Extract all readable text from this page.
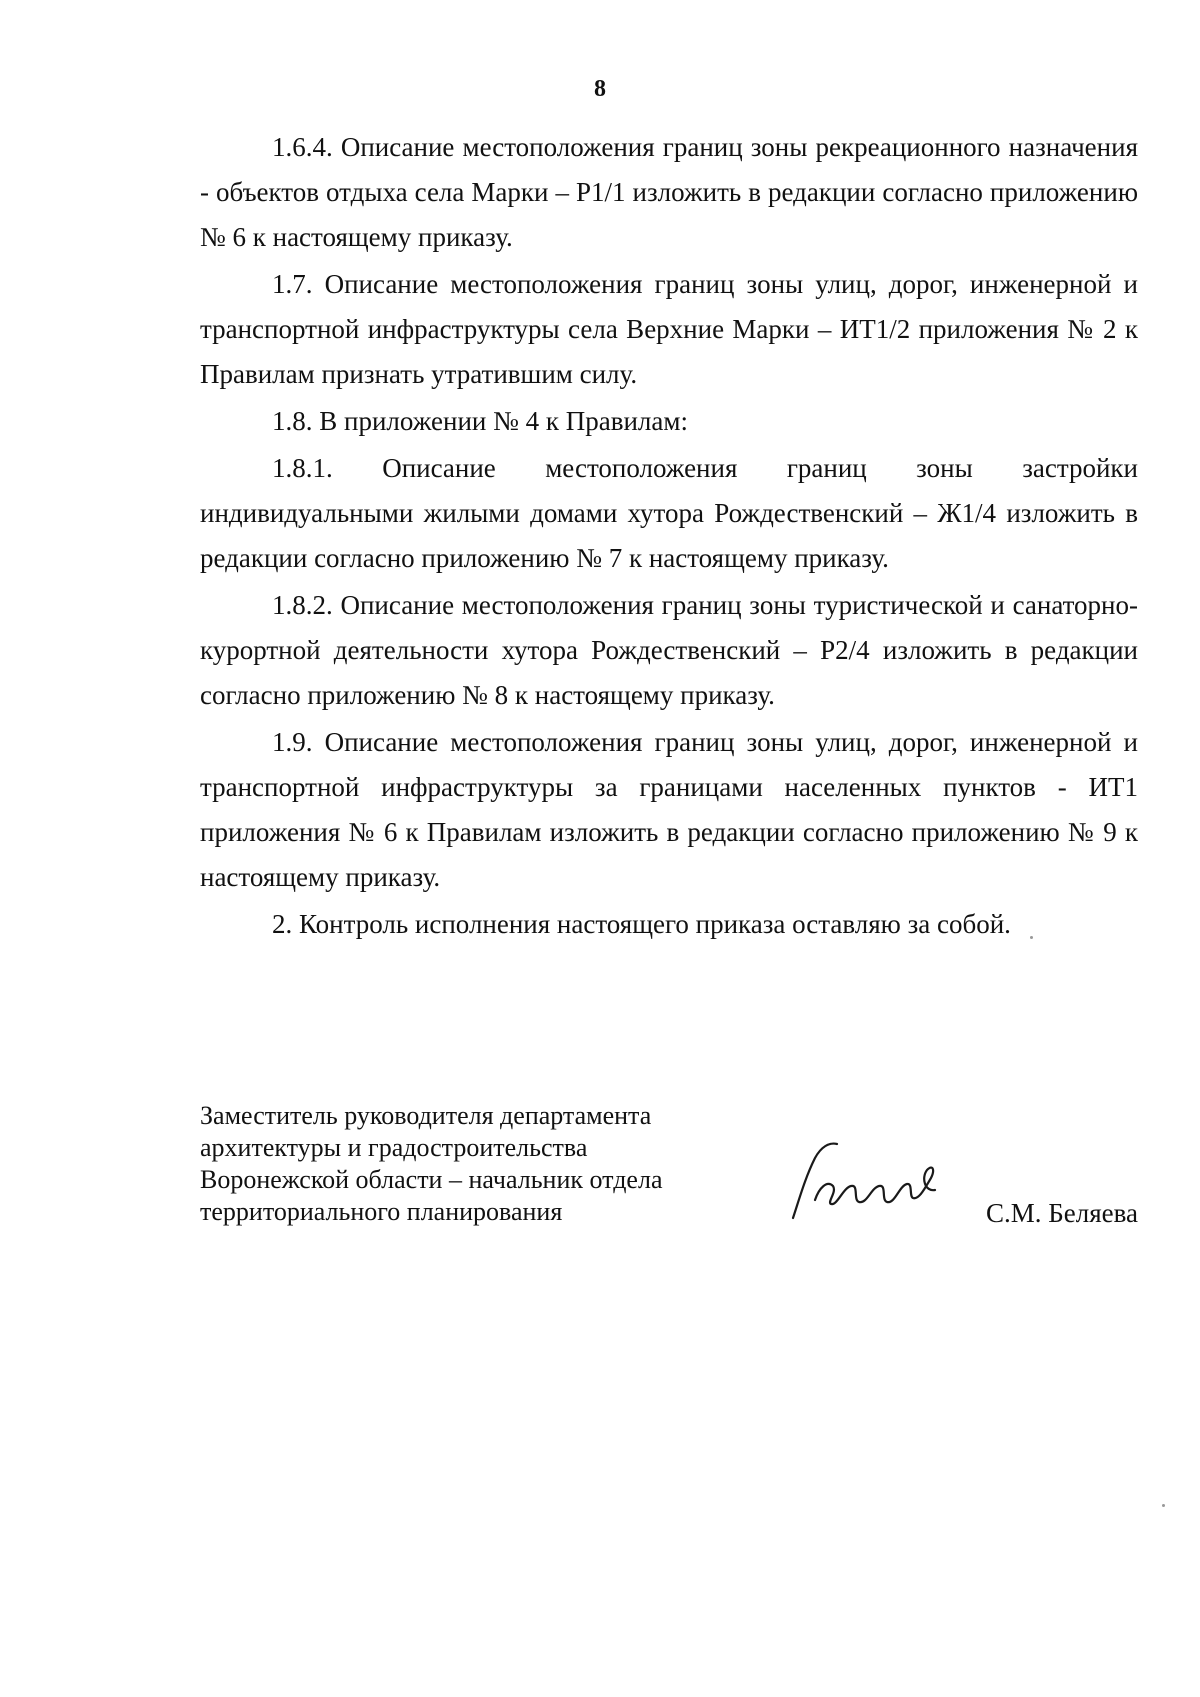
8

1.6.4. Описание местоположения границ зоны рекреационного назначения - объектов отдыха села Марки – Р1/1 изложить в редакции согласно приложению № 6 к настоящему приказу.

1.7. Описание местоположения границ зоны улиц, дорог, инженерной и транспортной инфраструктуры села Верхние Марки – ИТ1/2 приложения № 2 к Правилам признать утратившим силу.

1.8. В приложении № 4 к Правилам:

1.8.1. Описание местоположения границ зоны застройки индивидуальными жилыми домами хутора Рождественский – Ж1/4 изложить в редакции согласно приложению № 7 к настоящему приказу.

1.8.2. Описание местоположения границ зоны туристической и санаторно-курортной деятельности хутора Рождественский – Р2/4 изложить в редакции согласно приложению № 8 к настоящему приказу.

1.9. Описание местоположения границ зоны улиц, дорог, инженерной и транспортной инфраструктуры за границами населенных пунктов - ИТ1 приложения № 6 к Правилам изложить в редакции согласно приложению № 9 к настоящему приказу.

2. Контроль исполнения настоящего приказа оставляю за собой.

Заместитель руководителя департамента
архитектуры и градостроительства
Воронежской области – начальник отдела
территориального планирования	С.М. Беляева
